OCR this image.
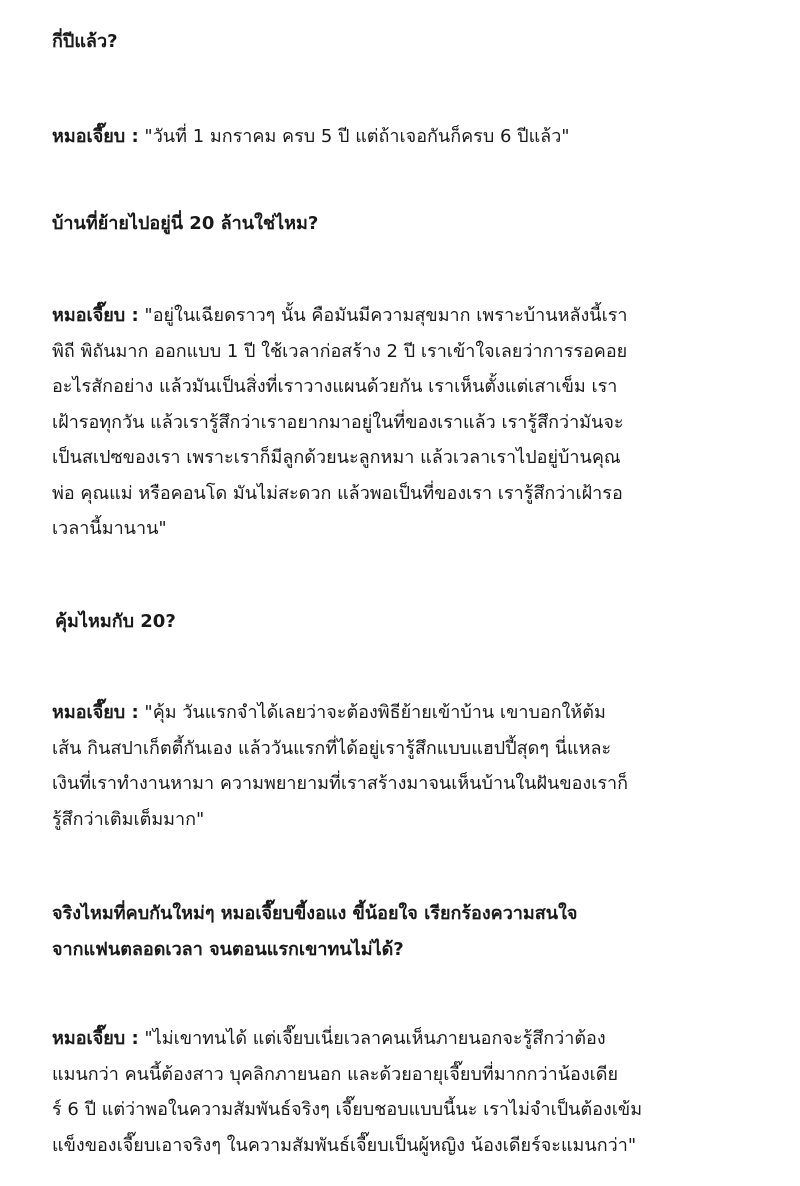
กี่ปีแล้ว?
หมอเจี๊ยบ : "วันที่ 1 มกราคม ครบ 5 ปี แต่ถ้าเจอกันก็ครบ 6 ปีแล้ว"
บ้านที่ย้ายไปอยู่นี่ 20 ล้านใช่ไหม?
หมอเจี๊ยบ : "อยู่ในเฉียดราวๆ นั้น คือมันมีความสุขมาก เพราะบ้านหลังนี้เรา
พิถี พิถันมาก ออกแบบ 1 ปี ใช้เวลาก่อสร้าง 2 ปี เราเข้าใจเลยว่าการรอคอย
อะไรสักอย่าง แล้วมันเป็นสิ่งที่เราวางแผนด้วยกัน เราเห็นตั้งแต่เสาเข็ม เรา
เฝ้ารอทุกวัน แล้วเรารู้สึกว่าเราอยากมาอยู่ในที่ของเราแล้ว เรารู้สึกว่ามันจะ
เป็นสเปซของเรา เพราะเราก็มีลูกด้วยนะลูกหมา แล้วเวลาเราไปอยู่บ้านคุณ
พ่อ คุณแม่ หรือคอนโด มันไม่สะดวก แล้วพอเป็นที่ของเรา เรารู้สึกว่าเฝ้ารอ
เวลานี้มานาน"
คุ้มไหมกับ 20?
หมอเจี๊ยบ : "คุ้ม วันแรกจำได้เลยว่าจะต้องพิธีย้ายเข้าบ้าน เขาบอกให้ต้ม
เส้น กินสปาเก็ตตี้กันเอง แล้ววันแรกที่ได้อยู่เรารู้สึกแบบแฮปปี้สุดๆ นี่แหละ
เงินที่เราทำงานหามา ความพยายามที่เราสร้างมาจนเห็นบ้านในฝันของเราก็
รู้สึกว่าเติมเต็มมาก"
จริงไหมที่คบกันใหม่ๆ หมอเจี๊ยบขี้งอแง ขี้น้อยใจ เรียกร้องความสนใจ
จากแฟนตลอดเวลา จนตอนแรกเขาทนไม่ได้?
หมอเจี๊ยบ : "ไม่เขาทนได้ แต่เจี๊ยบเนี่ยเวลาคนเห็นภายนอกจะรู้สึกว่าต้อง
แมนกว่า คนนี้ต้องสาว บุคลิกภายนอก และด้วยอายุเจี๊ยบที่มากกว่าน้องเดีย
ร์ 6 ปี แต่ว่าพอในความสัมพันธ์จริงๆ เจี๊ยบชอบแบบนี้นะ เราไม่จำเป็นต้องเข้ม
แข็งของเจี๊ยบเอาจริงๆ ในความสัมพันธ์เจี๊ยบเป็นผู้หญิง น้องเดียร์จะแมนกว่า"
